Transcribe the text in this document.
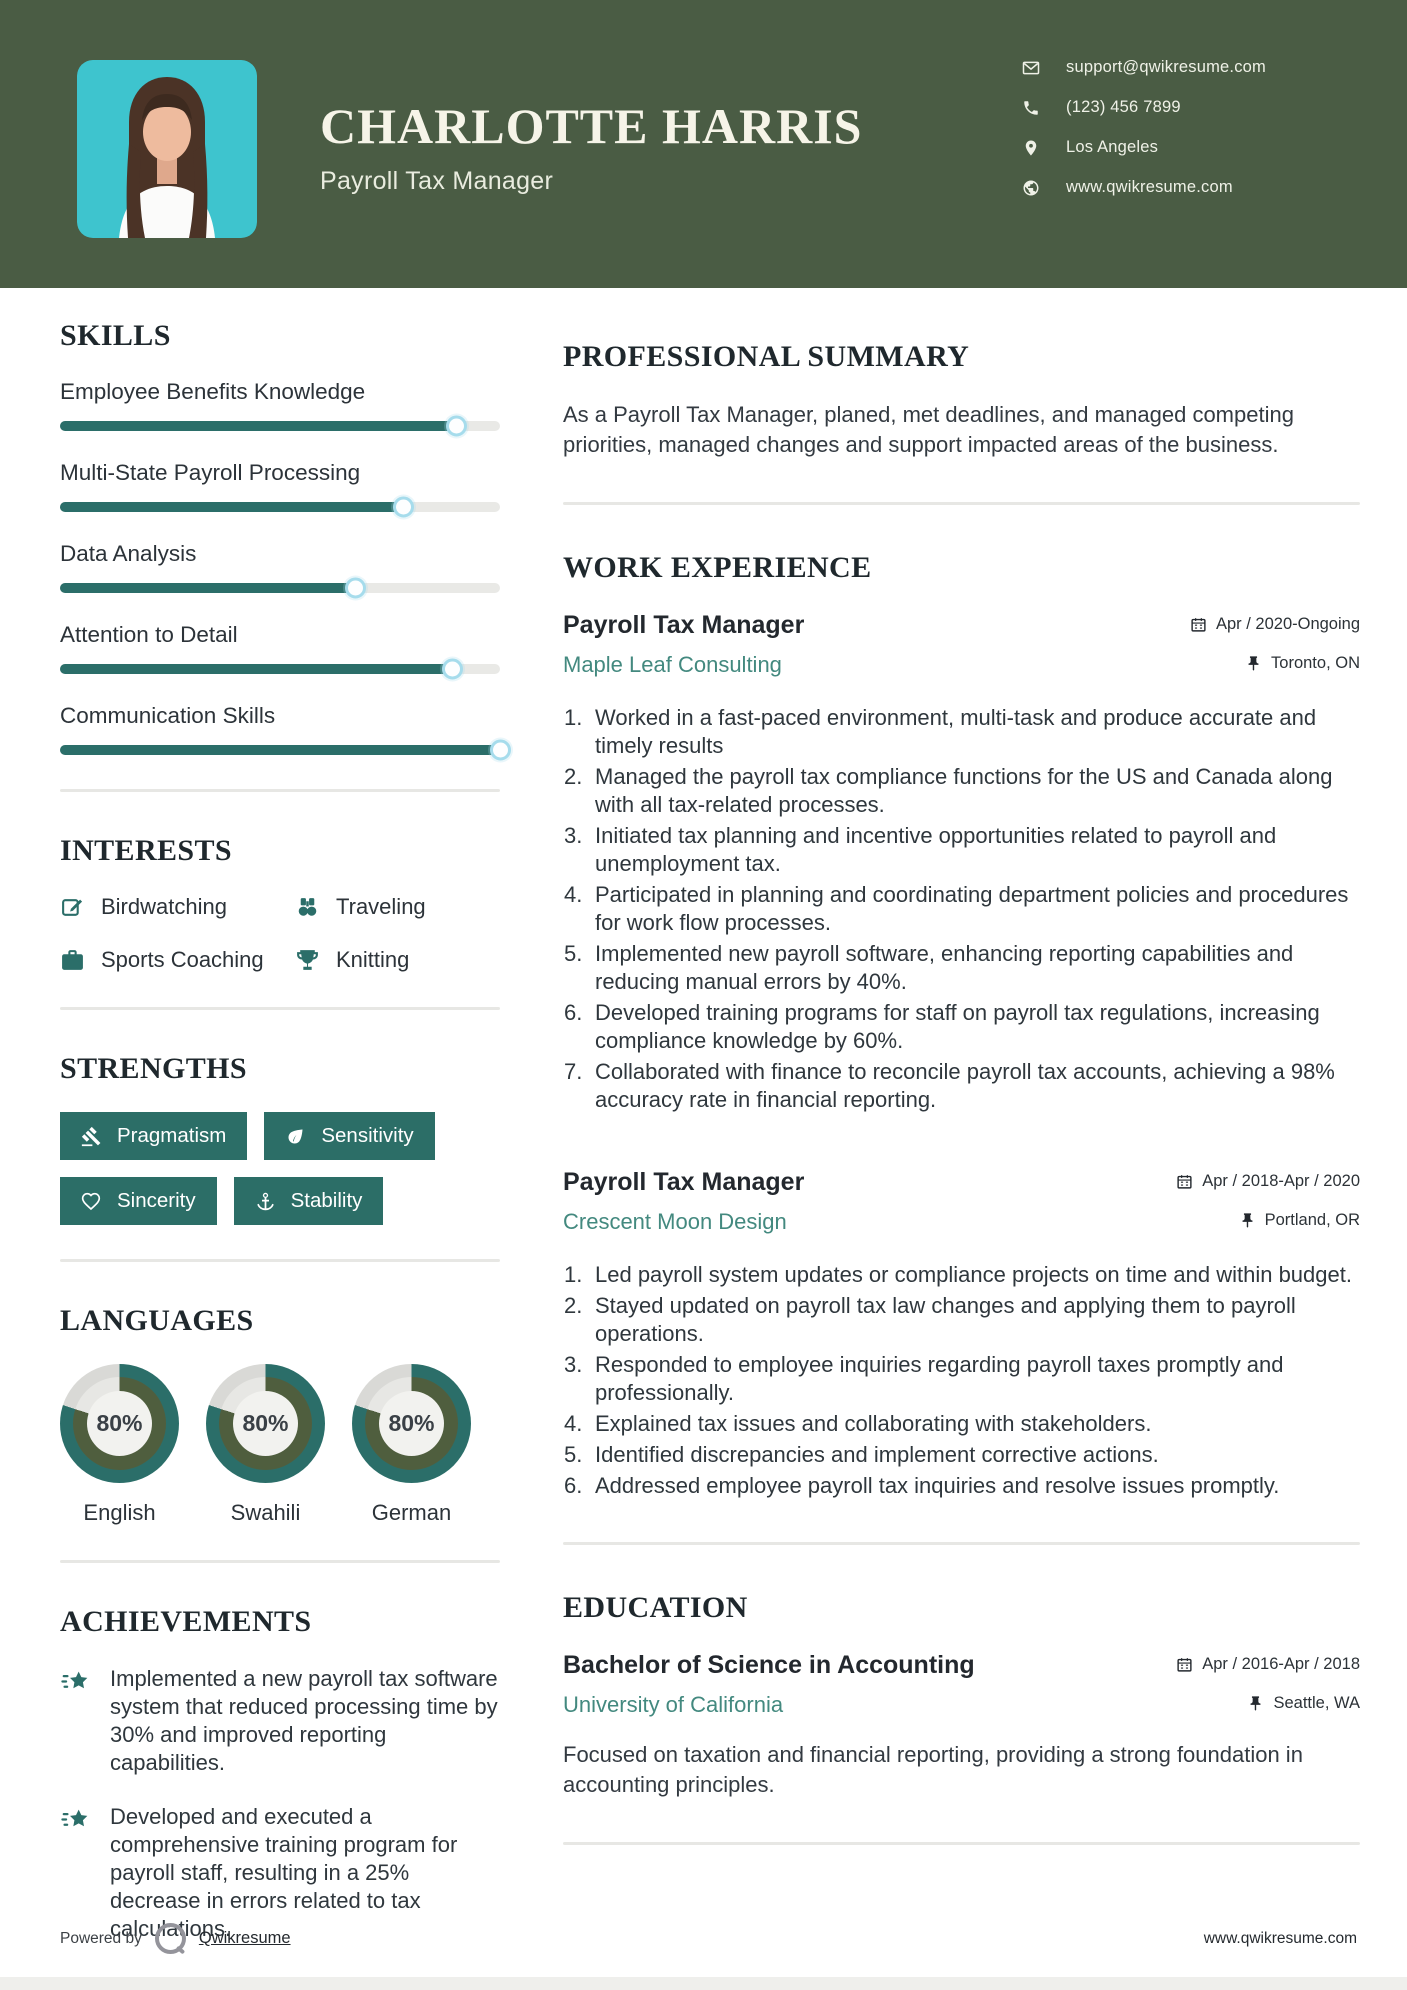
CHARLOTTE HARRIS
Payroll Tax Manager
support@qwikresume.com
(123) 456 7899
Los Angeles
www.qwikresume.com
SKILLS
Employee Benefits Knowledge
Multi-State Payroll Processing
Data Analysis
Attention to Detail
Communication Skills
INTERESTS
Birdwatching	Traveling
Sports Coaching	Knitting
STRENGTHS
Pragmatism	Sensitivity
Sincerity	Stability
LANGUAGES
80%
English
80%
Swahili
80%
German
ACHIEVEMENTS
Implemented a new payroll tax software system that reduced processing time by 30% and improved reporting capabilities.
Developed and executed a comprehensive training program for payroll staff, resulting in a 25% decrease in errors related to tax calculations.
PROFESSIONAL SUMMARY

As a Payroll Tax Manager, planed, met deadlines, and managed competing priorities, managed changes and support impacted areas of the business.

WORK EXPERIENCE
Payroll Tax Manager	Apr / 2020-Ongoing
Maple Leaf Consulting	Toronto, ON
Worked in a fast-paced environment, multi-task and produce accurate and timely results
Managed the payroll tax compliance functions for the US and Canada along with all tax-related processes.
Initiated tax planning and incentive opportunities related to payroll and unemployment tax.
Participated in planning and coordinating department policies and procedures for work flow processes.
Implemented new payroll software, enhancing reporting capabilities and reducing manual errors by 40%.
Developed training programs for staff on payroll tax regulations, increasing compliance knowledge by 60%.
Collaborated with finance to reconcile payroll tax accounts, achieving a 98% accuracy rate in financial reporting.
Payroll Tax Manager	Apr / 2018-Apr / 2020
Crescent Moon Design	Portland, OR
Led payroll system updates or compliance projects on time and within budget.
Stayed updated on payroll tax law changes and applying them to payroll operations.
Responded to employee inquiries regarding payroll taxes promptly and professionally.
Explained tax issues and collaborating with stakeholders.
Identified discrepancies and implement corrective actions.
Addressed employee payroll tax inquiries and resolve issues promptly.
EDUCATION
Bachelor of Science in Accounting	Apr / 2016-Apr / 2018
University of California	Seattle, WA

Focused on taxation and financial reporting, providing a strong foundation in accounting principles.

Powered by	Qwikresume	www.qwikresume.com
